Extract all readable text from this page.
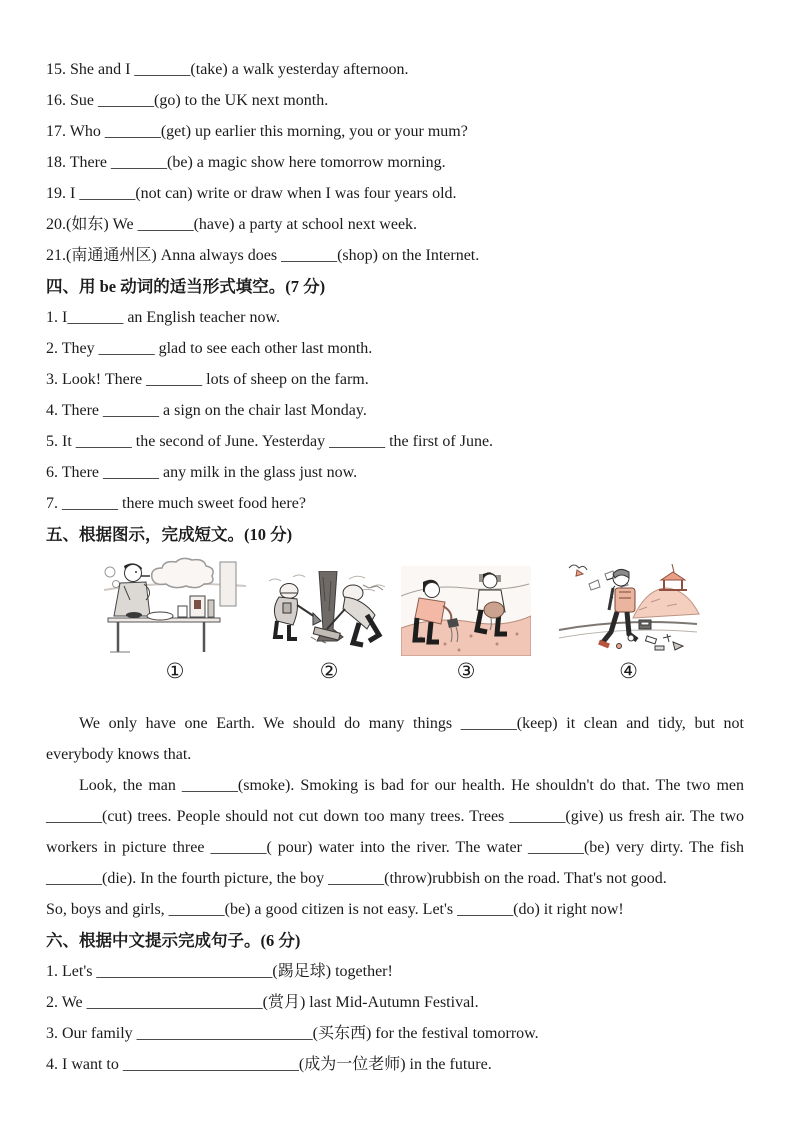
15. She and I _______(take) a walk yesterday afternoon.
16. Sue _______(go) to the UK next month.
17. Who _______(get) up earlier this morning, you or your mum?
18. There _______(be) a magic show here tomorrow morning.
19. I _______(not can) write or draw when I was four years old.
20.(如东) We _______(have) a party at school next week.
21.(南通通州区) Anna always does _______(shop) on the Internet.
四、用 be 动词的适当形式填空。(7 分)
1. I_______ an English teacher now.
2. They _______ glad to see each other last month.
3. Look! There _______ lots of sheep on the farm.
4. There _______ a sign on the chair last Monday.
5. It _______ the second of June. Yesterday _______ the first of June.
6. There _______ any milk in the glass just now.
7. _______ there much sweet food here?
五、根据图示，完成短文。(10 分)
①	②	③	④
We only have one Earth. We should do many things _______(keep) it clean and tidy, but not
everybody knows that.
Look, the man _______(smoke). Smoking is bad for our health. He shouldn't do that. The two men
_______(cut) trees. People should not cut down too many trees. Trees _______(give) us fresh air. The two
workers in picture three _______( pour) water into the river. The water _______(be) very dirty. The fish
_______(die). In the fourth picture, the boy _______(throw)rubbish on the road. That's not good.
So, boys and girls, _______(be) a good citizen is not easy. Let's _______(do) it right now!
六、根据中文提示完成句子。(6 分)
1. Let's ______________________(踢足球) together!
2. We ______________________(赏月) last Mid-Autumn Festival.
3. Our family ______________________(买东西) for the festival tomorrow.
4. I want to ______________________(成为一位老师) in the future.
